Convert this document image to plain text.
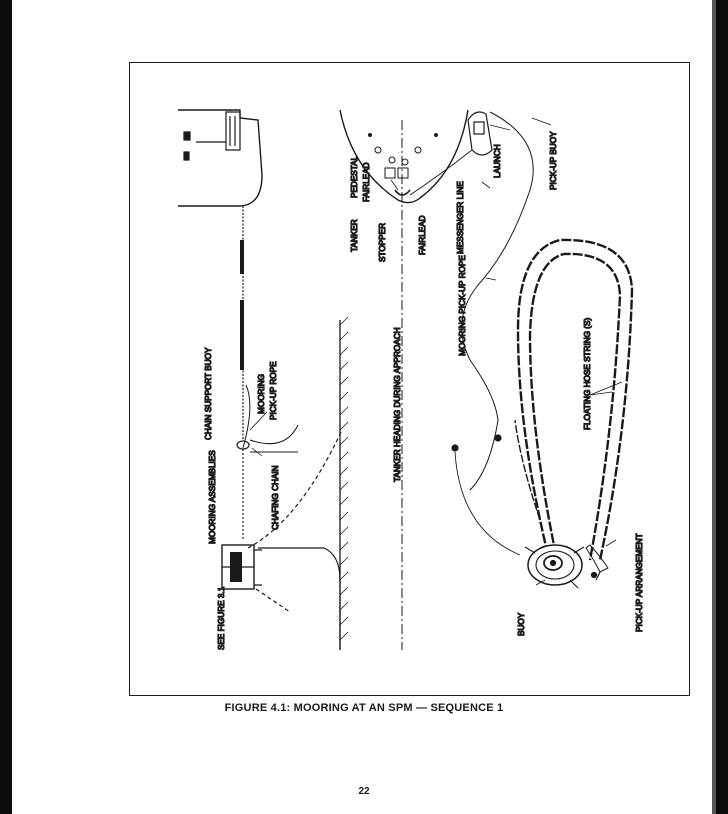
SEE FIGURE 3.1
MOORING ASSEMBLIES	CHAFING CHAIN
CHAIN SUPPORT BUOY	MOORING PICK-UP ROPE	TANKER HEADING DURING APPROACH
TANKER STOPPER
PEDESTAL FAIRLEAD
FAIRLEAD	MESSENGER LINE
LAUNCH	PICK-UP BUOY
MOORING PICK-UP ROPE
FLOATING HOSE STRING (S)
BUOY	PICK-UP ARRANGEMENT
FIGURE 4.1: MOORING AT AN SPM — SEQUENCE 1
22
